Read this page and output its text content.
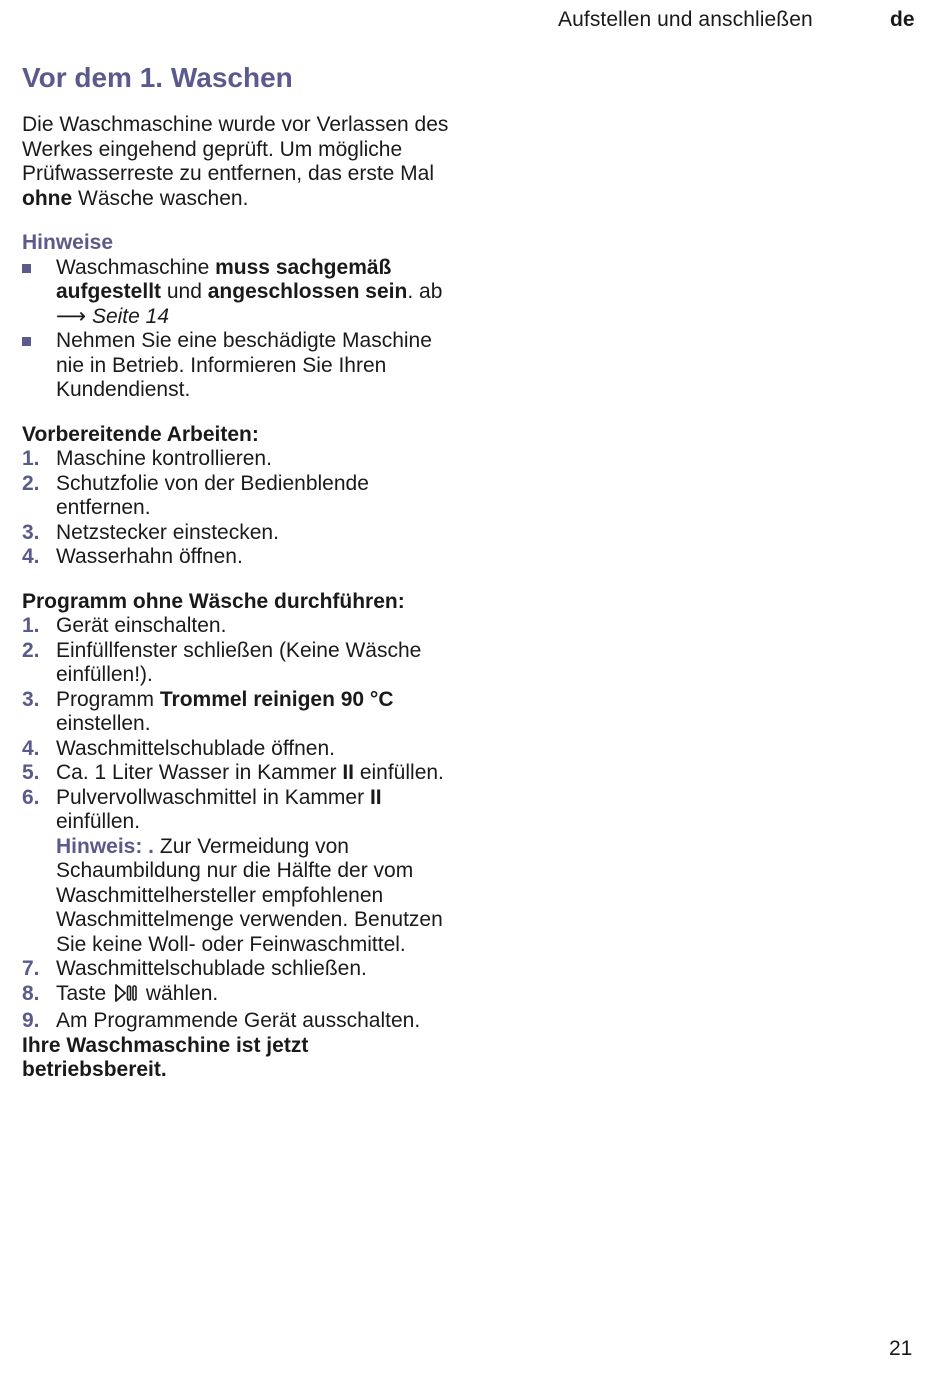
Aufstellen und anschließen	de
Vor dem 1. Waschen

Die Waschmaschine wurde vor Verlassen des Werkes eingehend geprüft. Um mögliche Prüfwasserreste zu entfernen, das erste Mal ohne Wäsche waschen.

Hinweise

Waschmaschine muss sachgemäß aufgestellt und angeschlossen sein. ab ⟶ Seite 14
Nehmen Sie eine beschädigte Maschine nie in Betrieb. Informieren Sie Ihren Kundendienst.

Vorbereitende Arbeiten:

1. Maschine kontrollieren.
2. Schutzfolie von der Bedienblende entfernen.
3. Netzstecker einstecken.
4. Wasserhahn öffnen.

Programm ohne Wäsche durchführen:

1. Gerät einschalten.
2. Einfüllfenster schließen (Keine Wäsche einfüllen!).
3. Programm Trommel reinigen 90 °C einstellen.
4. Waschmittelschublade öffnen.
5. Ca. 1 Liter Wasser in Kammer II einfüllen.
6. Pulvervollwaschmittel in Kammer II einfüllen.

Hinweis: . Zur Vermeidung von Schaumbildung nur die Hälfte der vom Waschmittelhersteller empfohlenen Waschmittelmenge verwenden. Benutzen Sie keine Woll- oder Feinwaschmittel.

7. Waschmittelschublade schließen.
8. Taste  wählen.
9. Am Programmende Gerät ausschalten.

Ihre Waschmaschine ist jetzt betriebsbereit.

21
